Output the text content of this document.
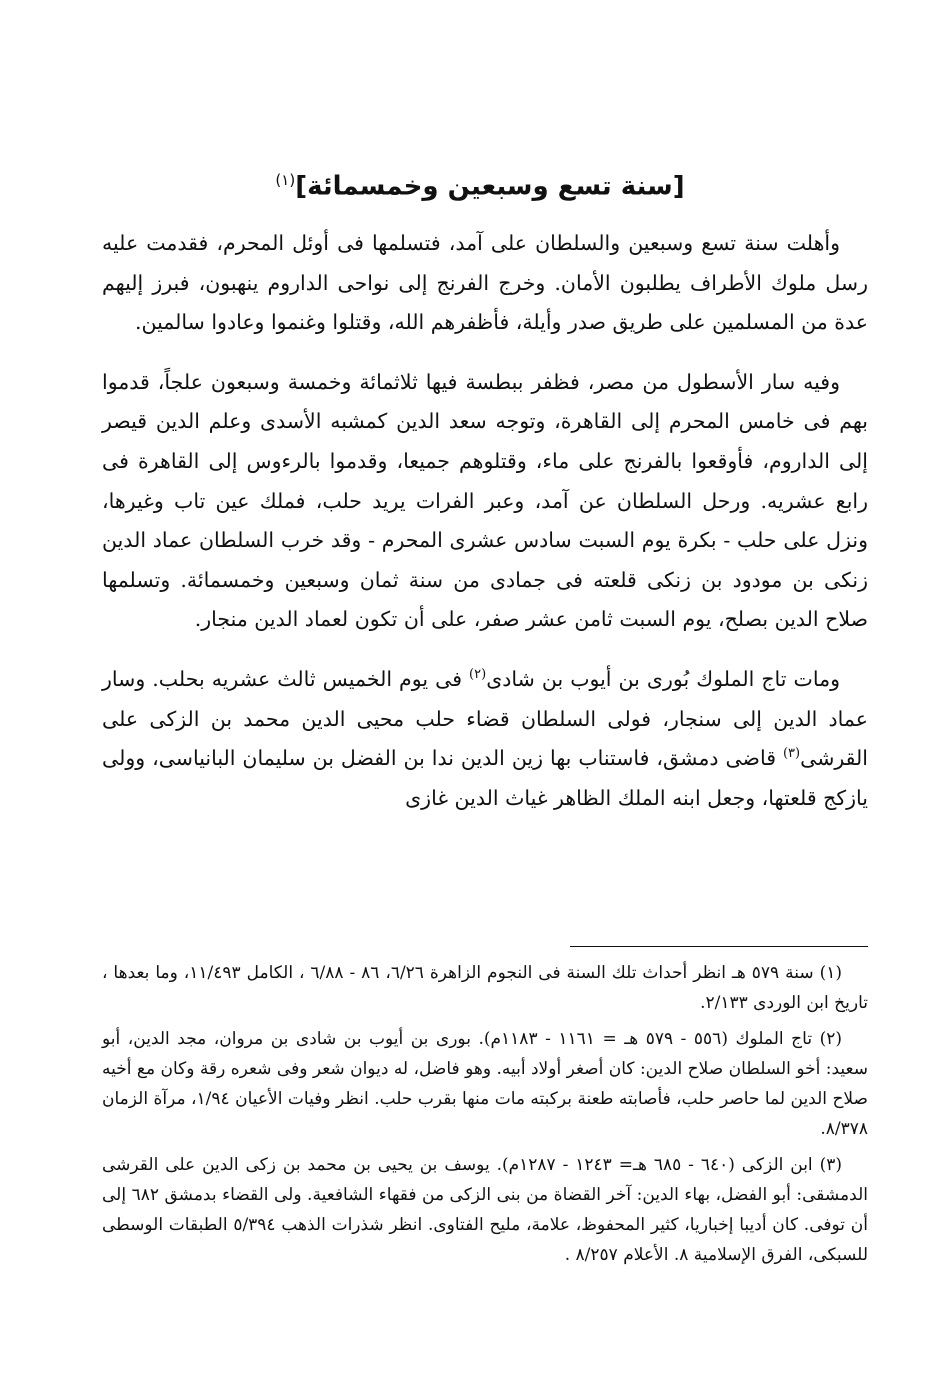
[سنة تسع وسبعين وخمسمائة]$^{(١)}$

وأهلت سنة تسع وسبعين والسلطان على آمد، فتسلمها فى أوئل المحرم، فقدمت عليه رسل ملوك الأطراف يطلبون الأمان. وخرج الفرنج إلى نواحى الداروم ينهبون، فبرز إليهم عدة من المسلمين على طريق صدر وأيلة، فأظفرهم الله، وقتلوا وغنموا وعادوا سالمين.

وفيه سار الأسطول من مصر، فظفر ببطسة فيها ثلاثمائة وخمسة وسبعون علجاً، قدموا بهم فى خامس المحرم إلى القاهرة، وتوجه سعد الدين كمشبه الأسدى وعلم الدين قيصر إلى الداروم، فأوقعوا بالفرنج على ماء، وقتلوهم جميعا، وقدموا بالرءوس إلى القاهرة فى رابع عشريه. ورحل السلطان عن آمد، وعبر الفرات يريد حلب، فملك عين تاب وغيرها، ونزل على حلب - بكرة يوم السبت سادس عشرى المحرم - وقد خرب السلطان عماد الدين زنكى بن مودود بن زنكى قلعته فى جمادى من سنة ثمان وسبعين وخمسمائة. وتسلمها صلاح الدين بصلح، يوم السبت ثامن عشر صفر، على أن تكون لعماد الدين منجار.

ومات تاج الملوك بُورى بن أيوب بن شادى$^{(٢)}$ فى يوم الخميس ثالث عشريه بحلب. وسار عماد الدين إلى سنجار، فولى السلطان قضاء حلب محيى الدين محمد بن الزكى على القرشى$^{(٣)}$ قاضى دمشق، فاستناب بها زين الدين ندا بن الفضل بن سليمان البانياسى، وولى يازكج قلعتها، وجعل ابنه الملك الظاهر غياث الدين غازى

(١) سنة ٥٧٩ هـ انظر أحداث تلك السنة فى النجوم الزاهرة ٦/٢٦، ٨٦ - ٦/٨٨ ، الكامل ١١/٤٩٣، وما بعدها ، تاريخ ابن الوردى ٢/١٣٣.

(٢) تاج الملوك (٥٥٦ - ٥٧٩ هـ = ١١٦١ - ١١٨٣م). بورى بن أيوب بن شادى بن مروان، مجد الدين، أبو سعيد: أخو السلطان صلاح الدين: كان أصغر أولاد أبيه. وهو فاضل، له ديوان شعر وفى شعره رقة وكان مع أخيه صلاح الدين لما حاصر حلب، فأصابته طعنة بركبته مات منها بقرب حلب. انظر وفيات الأعيان ١/٩٤، مرآة الزمان ٨/٣٧٨.

(٣) ابن الزكى (٦٤٠ - ٦٨٥ هـ= ١٢٤٣ - ١٢٨٧م). يوسف بن يحيى بن محمد بن زكى الدين على القرشى الدمشقى: أبو الفضل، بهاء الدين: آخر القضاة من بنى الزكى من فقهاء الشافعية. ولى القضاء بدمشق ٦٨٢ إلى أن توفى. كان أديبا إخباريا، كثير المحفوظ، علامة، مليح الفتاوى. انظر شذرات الذهب ٥/٣٩٤ الطبقات الوسطى للسبكى، الفرق الإسلامية ٨. الأعلام ٨/٢٥٧ .
